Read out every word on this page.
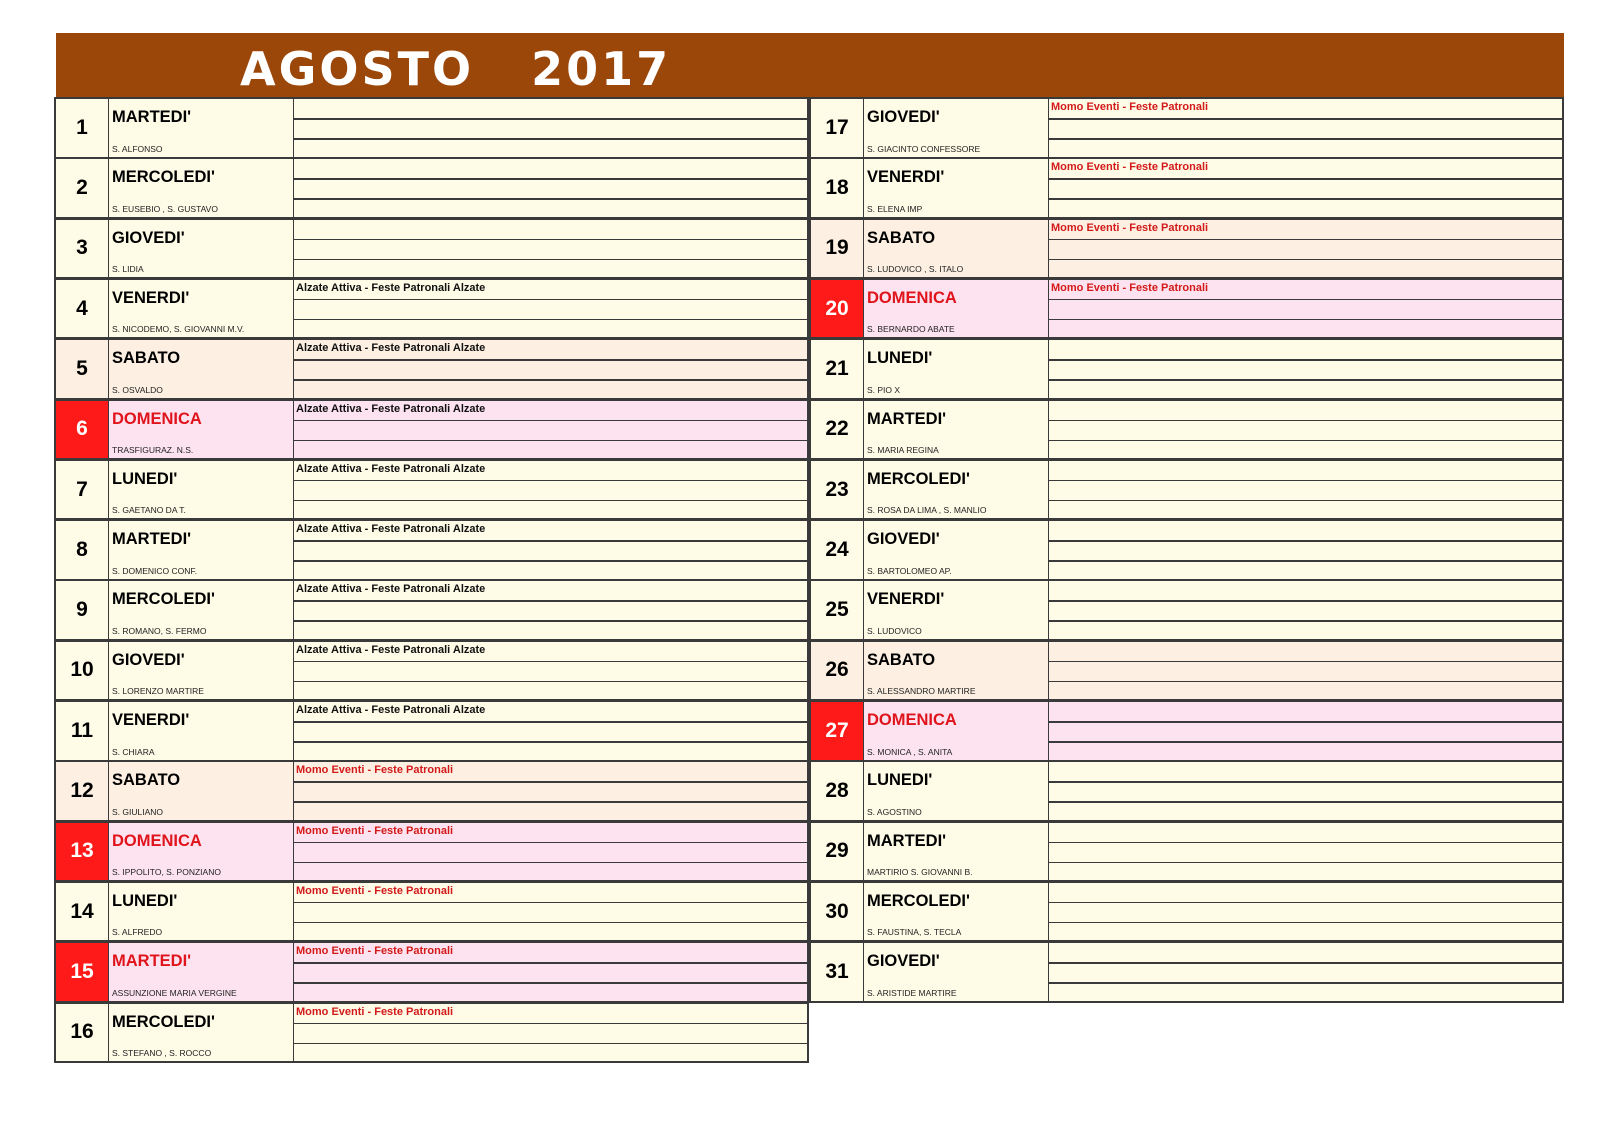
AGOSTO   2017
1	MARTEDI'
S. ALFONSO
2	MERCOLEDI'
S. EUSEBIO , S. GUSTAVO
3	GIOVEDI'
S. LIDIA
4	VENERDI'
S. NICODEMO, S. GIOVANNI M.V.
Alzate Attiva - Feste Patronali Alzate
5	SABATO
S. OSVALDO
Alzate Attiva - Feste Patronali Alzate
6	DOMENICA
TRASFIGURAZ. N.S.
Alzate Attiva - Feste Patronali Alzate
7	LUNEDI'
S. GAETANO DA T.
Alzate Attiva - Feste Patronali Alzate
8	MARTEDI'
S. DOMENICO CONF.
Alzate Attiva - Feste Patronali Alzate
9	MERCOLEDI'
S. ROMANO, S. FERMO
Alzate Attiva - Feste Patronali Alzate
10	GIOVEDI'
S. LORENZO MARTIRE
Alzate Attiva - Feste Patronali Alzate
11	VENERDI'
S. CHIARA
Alzate Attiva - Feste Patronali Alzate
12	SABATO
S. GIULIANO
Momo Eventi - Feste Patronali
13	DOMENICA
S. IPPOLITO, S. PONZIANO
Momo Eventi - Feste Patronali
14	LUNEDI'
S. ALFREDO
Momo Eventi - Feste Patronali
15	MARTEDI'
ASSUNZIONE MARIA VERGINE
Momo Eventi - Feste Patronali
16	MERCOLEDI'
S. STEFANO , S. ROCCO
Momo Eventi - Feste Patronali
17	GIOVEDI'
S. GIACINTO CONFESSORE
Momo Eventi - Feste Patronali
18	VENERDI'
S. ELENA IMP
Momo Eventi - Feste Patronali
19	SABATO
S. LUDOVICO , S. ITALO
Momo Eventi - Feste Patronali
20	DOMENICA
S. BERNARDO ABATE
Momo Eventi - Feste Patronali
21	LUNEDI'
S. PIO X
22	MARTEDI'
S. MARIA REGINA
23	MERCOLEDI'
S. ROSA DA LIMA , S. MANLIO
24	GIOVEDI'
S. BARTOLOMEO AP.
25	VENERDI'
S. LUDOVICO
26	SABATO
S. ALESSANDRO MARTIRE
27	DOMENICA
S. MONICA , S. ANITA
28	LUNEDI'
S. AGOSTINO
29	MARTEDI'
MARTIRIO S. GIOVANNI B.
30	MERCOLEDI'
S. FAUSTINA, S. TECLA
31	GIOVEDI'
S. ARISTIDE MARTIRE
